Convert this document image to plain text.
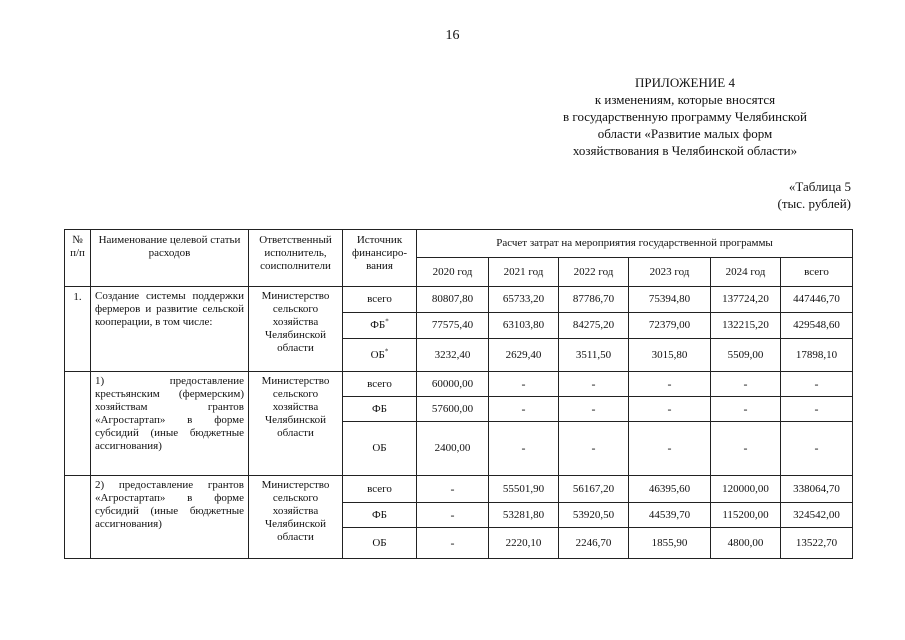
16
ПРИЛОЖЕНИЕ 4
к изменениям, которые вносятся
в государственную программу Челябинской
области «Развитие малых форм
хозяйствования в Челябинской области»
«Таблица 5
(тыс. рублей)
№ п/п	Наименование целевой статьи расходов	Ответственный исполнитель, соисполнители	Источник финансиро-вания	Расчет затрат на мероприятия государственной программы					
				2020 год	2021 год	2022 год	2023 год	2024 год	всего
1.	Создание системы поддержки фермеров и развитие сельской кооперации, в том числе:	Министерство сельского хозяйства Челябинской области	всего	80807,80	65733,20	87786,70	75394,80	137724,20	447446,70
			ФБ*	77575,40	63103,80	84275,20	72379,00	132215,20	429548,60
			ОБ*	3232,40	2629,40	3511,50	3015,80	5509,00	17898,10
	1) предоставление крестьянским (фермерским) хозяйствам грантов «Агростартап» в форме субсидий (иные бюджетные ассигнования)	Министерство сельского хозяйства Челябинской области	всего	60000,00	-	-	-	-	-
			ФБ	57600,00	-	-	-	-	-
			ОБ	2400,00	-	-	-	-	-
	2) предоставление грантов «Агростартап» в форме субсидий (иные бюджетные ассигнования)	Министерство сельского хозяйства Челябинской области	всего	-	55501,90	56167,20	46395,60	120000,00	338064,70
			ФБ	-	53281,80	53920,50	44539,70	115200,00	324542,00
			ОБ	-	2220,10	2246,70	1855,90	4800,00	13522,70
